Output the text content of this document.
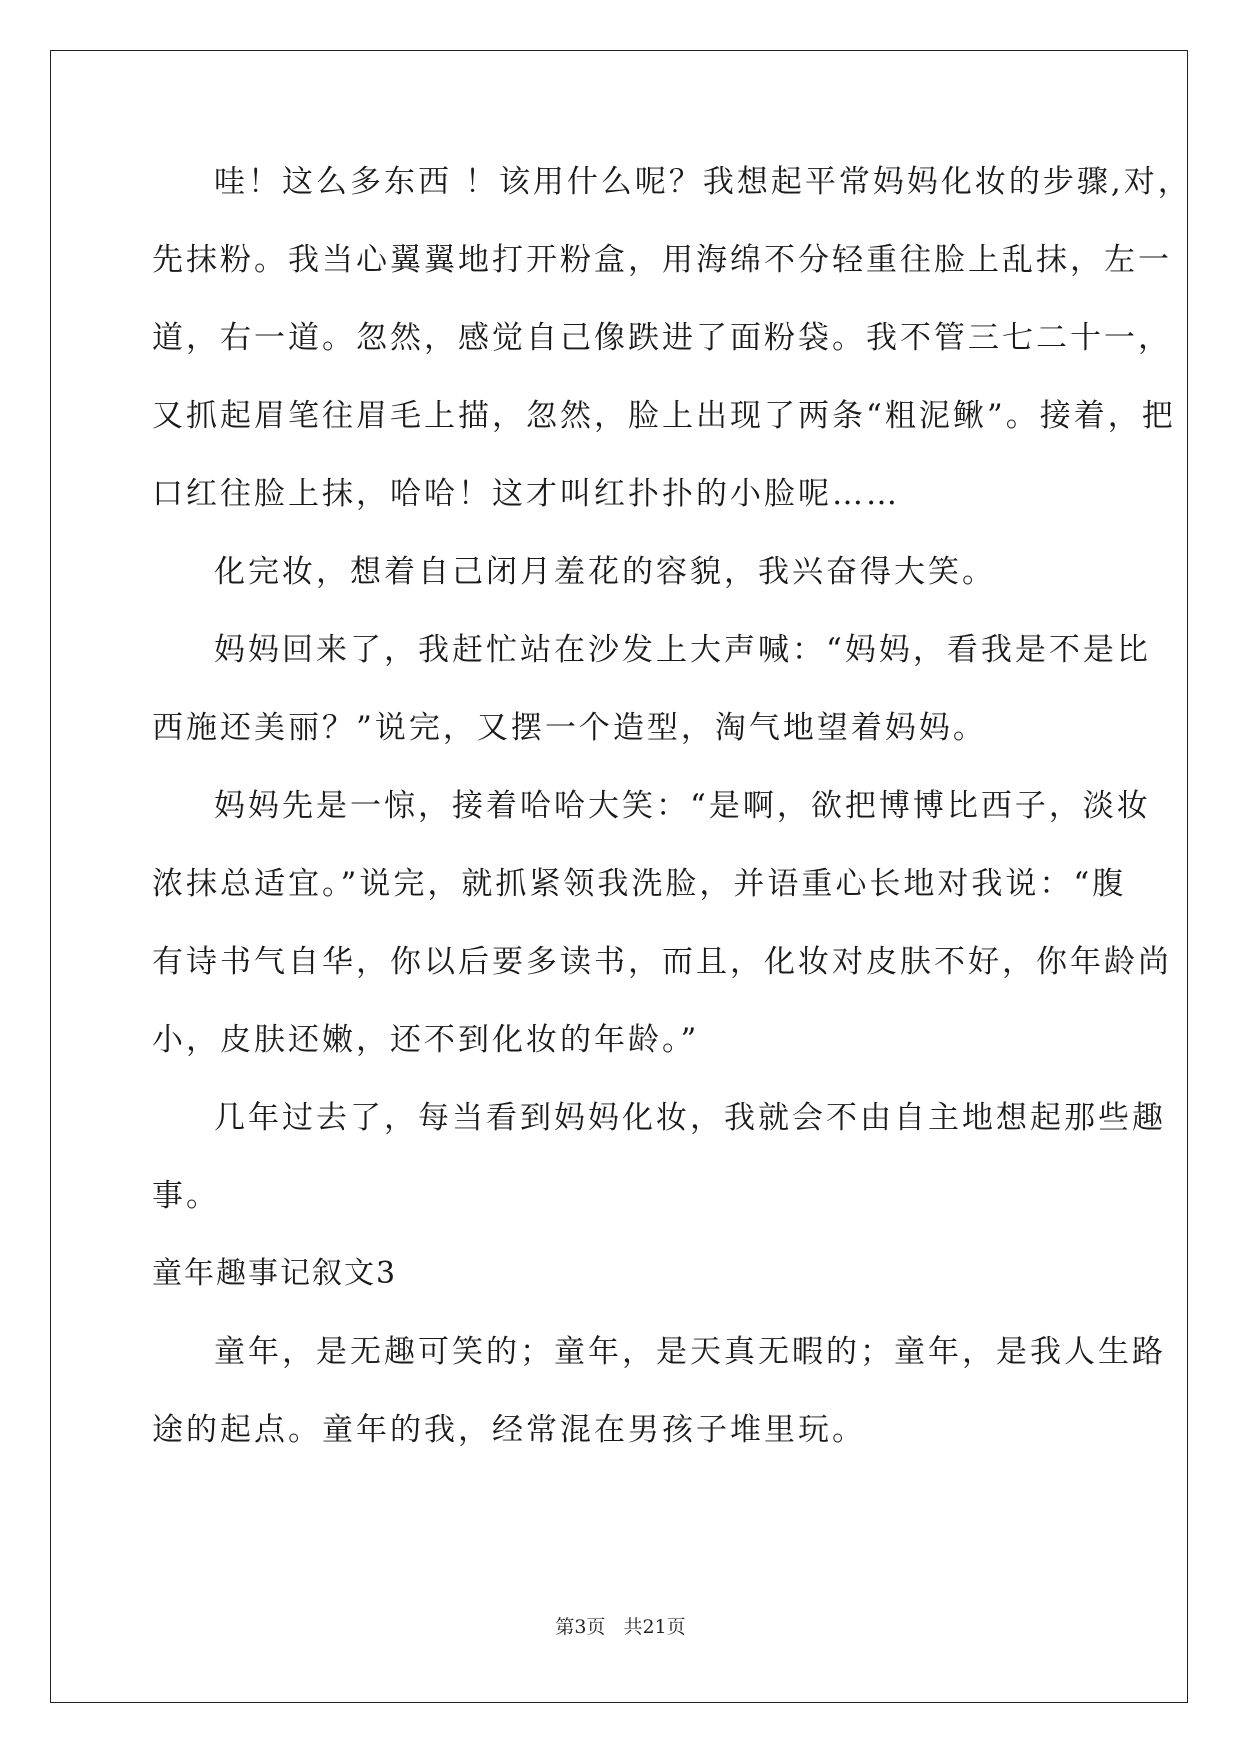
哇！这么多东西 ！该用什么呢？我想起平常妈妈化妆的步骤,对，
先抹粉。我当心翼翼地打开粉盒，用海绵不分轻重往脸上乱抹，左一
道，右一道。忽然，感觉自己像跌进了面粉袋。我不管三七二十一，
又抓起眉笔往眉毛上描，忽然，脸上出现了两条“粗泥鳅”。接着，把
口红往脸上抹，哈哈！这才叫红扑扑的小脸呢……
化完妆，想着自己闭月羞花的容貌，我兴奋得大笑。
妈妈回来了，我赶忙站在沙发上大声喊：“妈妈，看我是不是比
西施还美丽？”说完，又摆一个造型，淘气地望着妈妈。
妈妈先是一惊，接着哈哈大笑：“是啊，欲把博博比西子，淡妆
浓抹总适宜。”说完，就抓紧领我洗脸，并语重心长地对我说：“腹
有诗书气自华，你以后要多读书，而且，化妆对皮肤不好，你年龄尚
小，皮肤还嫩，还不到化妆的年龄。”
几年过去了，每当看到妈妈化妆，我就会不由自主地想起那些趣
事。
童年趣事记叙文3
童年，是无趣可笑的；童年，是天真无暇的；童年，是我人生路
途的起点。童年的我，经常混在男孩子堆里玩。
第3页 共21页
